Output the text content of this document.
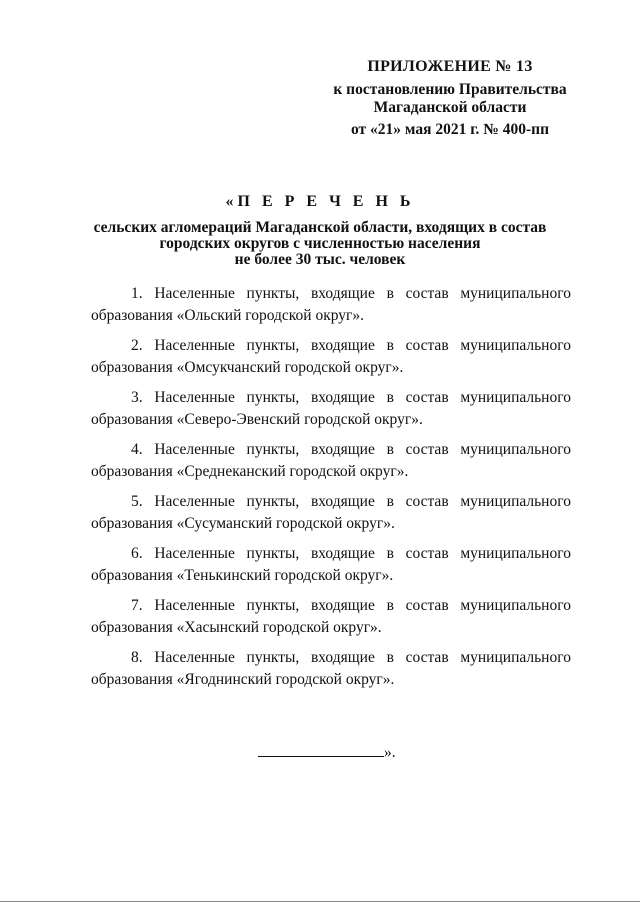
ПРИЛОЖЕНИЕ № 13
к постановлению Правительства
Магаданской области
от «21» мая 2021 г. № 400-пп
«П Е Р Е Ч Е Н Ь
сельских агломераций Магаданской области, входящих в состав
городских округов с численностью населения
не более 30 тыс. человек
1. Населенные пункты, входящие в состав муниципального
образования «Ольский городской округ».
2. Населенные пункты, входящие в состав муниципального
образования «Омсукчанский городской округ».
3. Населенные пункты, входящие в состав муниципального
образования «Северо-Эвенский городской округ».
4. Населенные пункты, входящие в состав муниципального
образования «Среднеканский городской округ».
5. Населенные пункты, входящие в состав муниципального
образования «Сусуманский городской округ».
6. Населенные пункты, входящие в состав муниципального
образования «Тенькинский городской округ».
7. Населенные пункты, входящие в состав муниципального
образования «Хасынский городской округ».
8. Населенные пункты, входящие в состав муниципального
образования «Ягоднинский городской округ».
».
